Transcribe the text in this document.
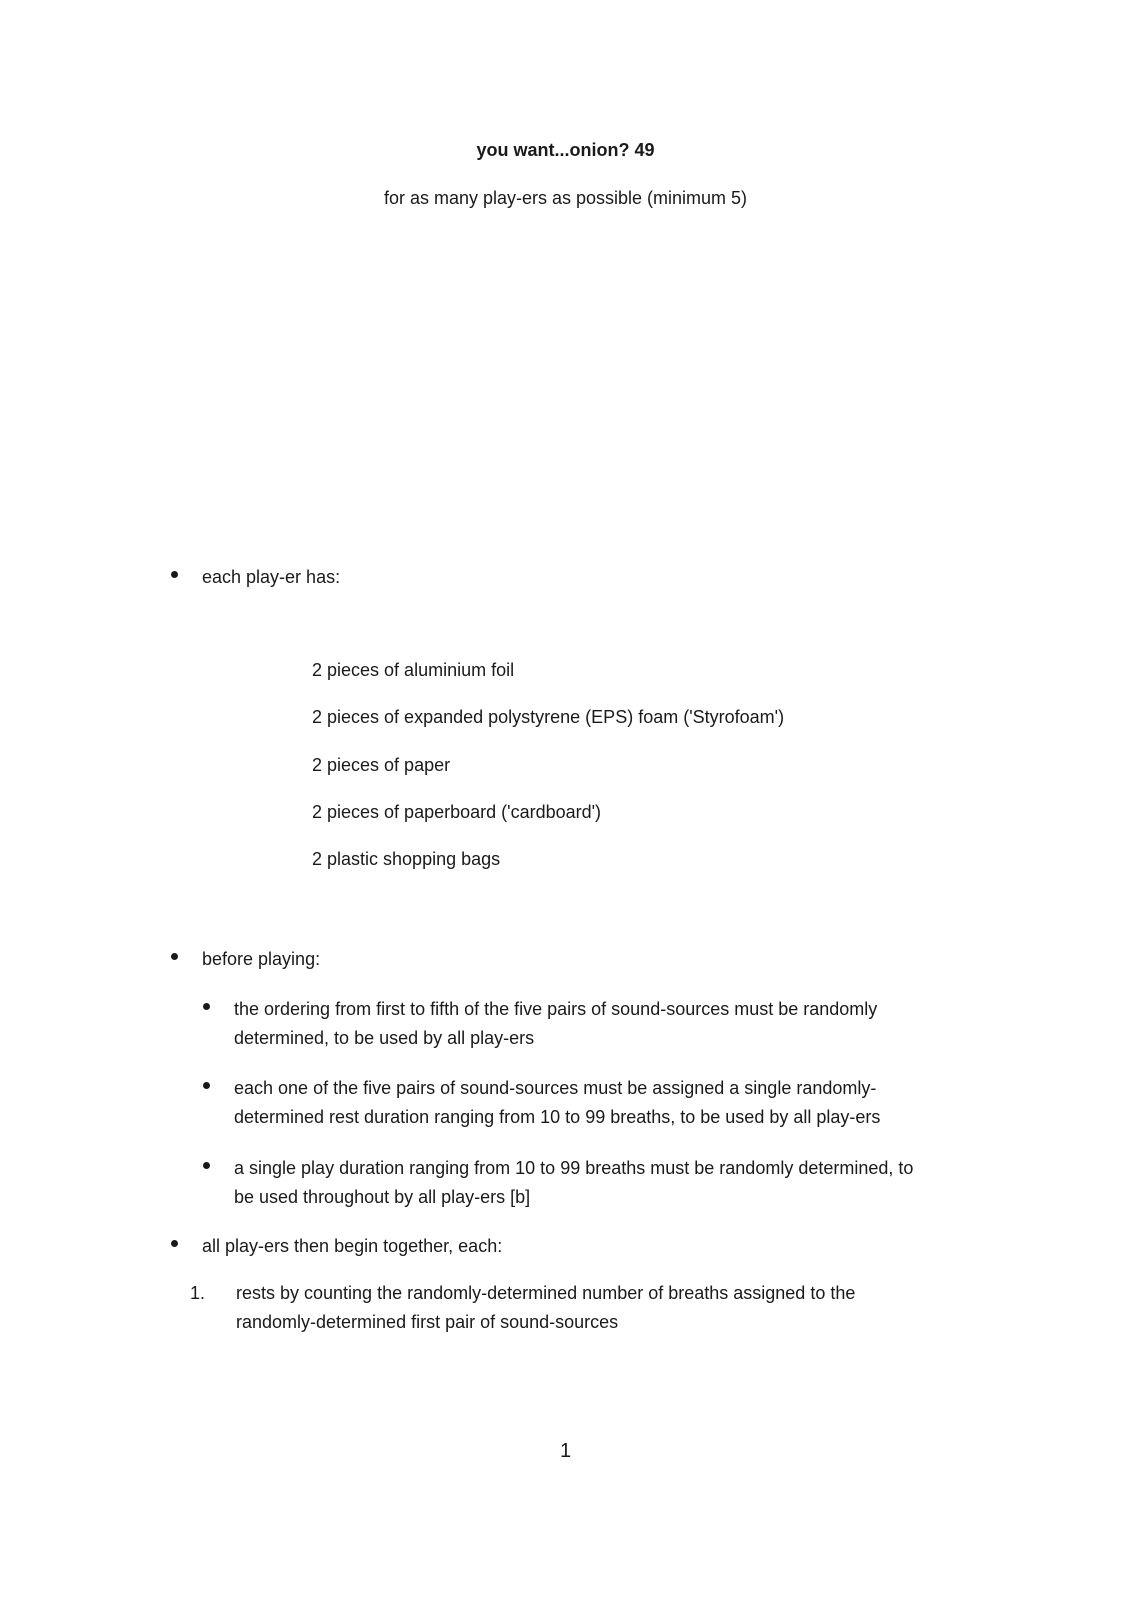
you want...onion? 49
for as many play-ers as possible (minimum 5)
each play-er has:
2 pieces of aluminium foil
2 pieces of expanded polystyrene (EPS) foam ('Styrofoam')
2 pieces of paper
2 pieces of paperboard ('cardboard')
2 plastic shopping bags
before playing:
the ordering from first to fifth of the five pairs of sound-sources must be randomly
determined, to be used by all play-ers
each one of the five pairs of sound-sources must be assigned a single randomly-
determined rest duration ranging from 10 to 99 breaths, to be used by all play-ers
a single play duration ranging from 10 to 99 breaths must be randomly determined, to
be used throughout by all play-ers [b]
all play-ers then begin together, each:
1. rests by counting the randomly-determined number of breaths assigned to the
randomly-determined first pair of sound-sources
1
